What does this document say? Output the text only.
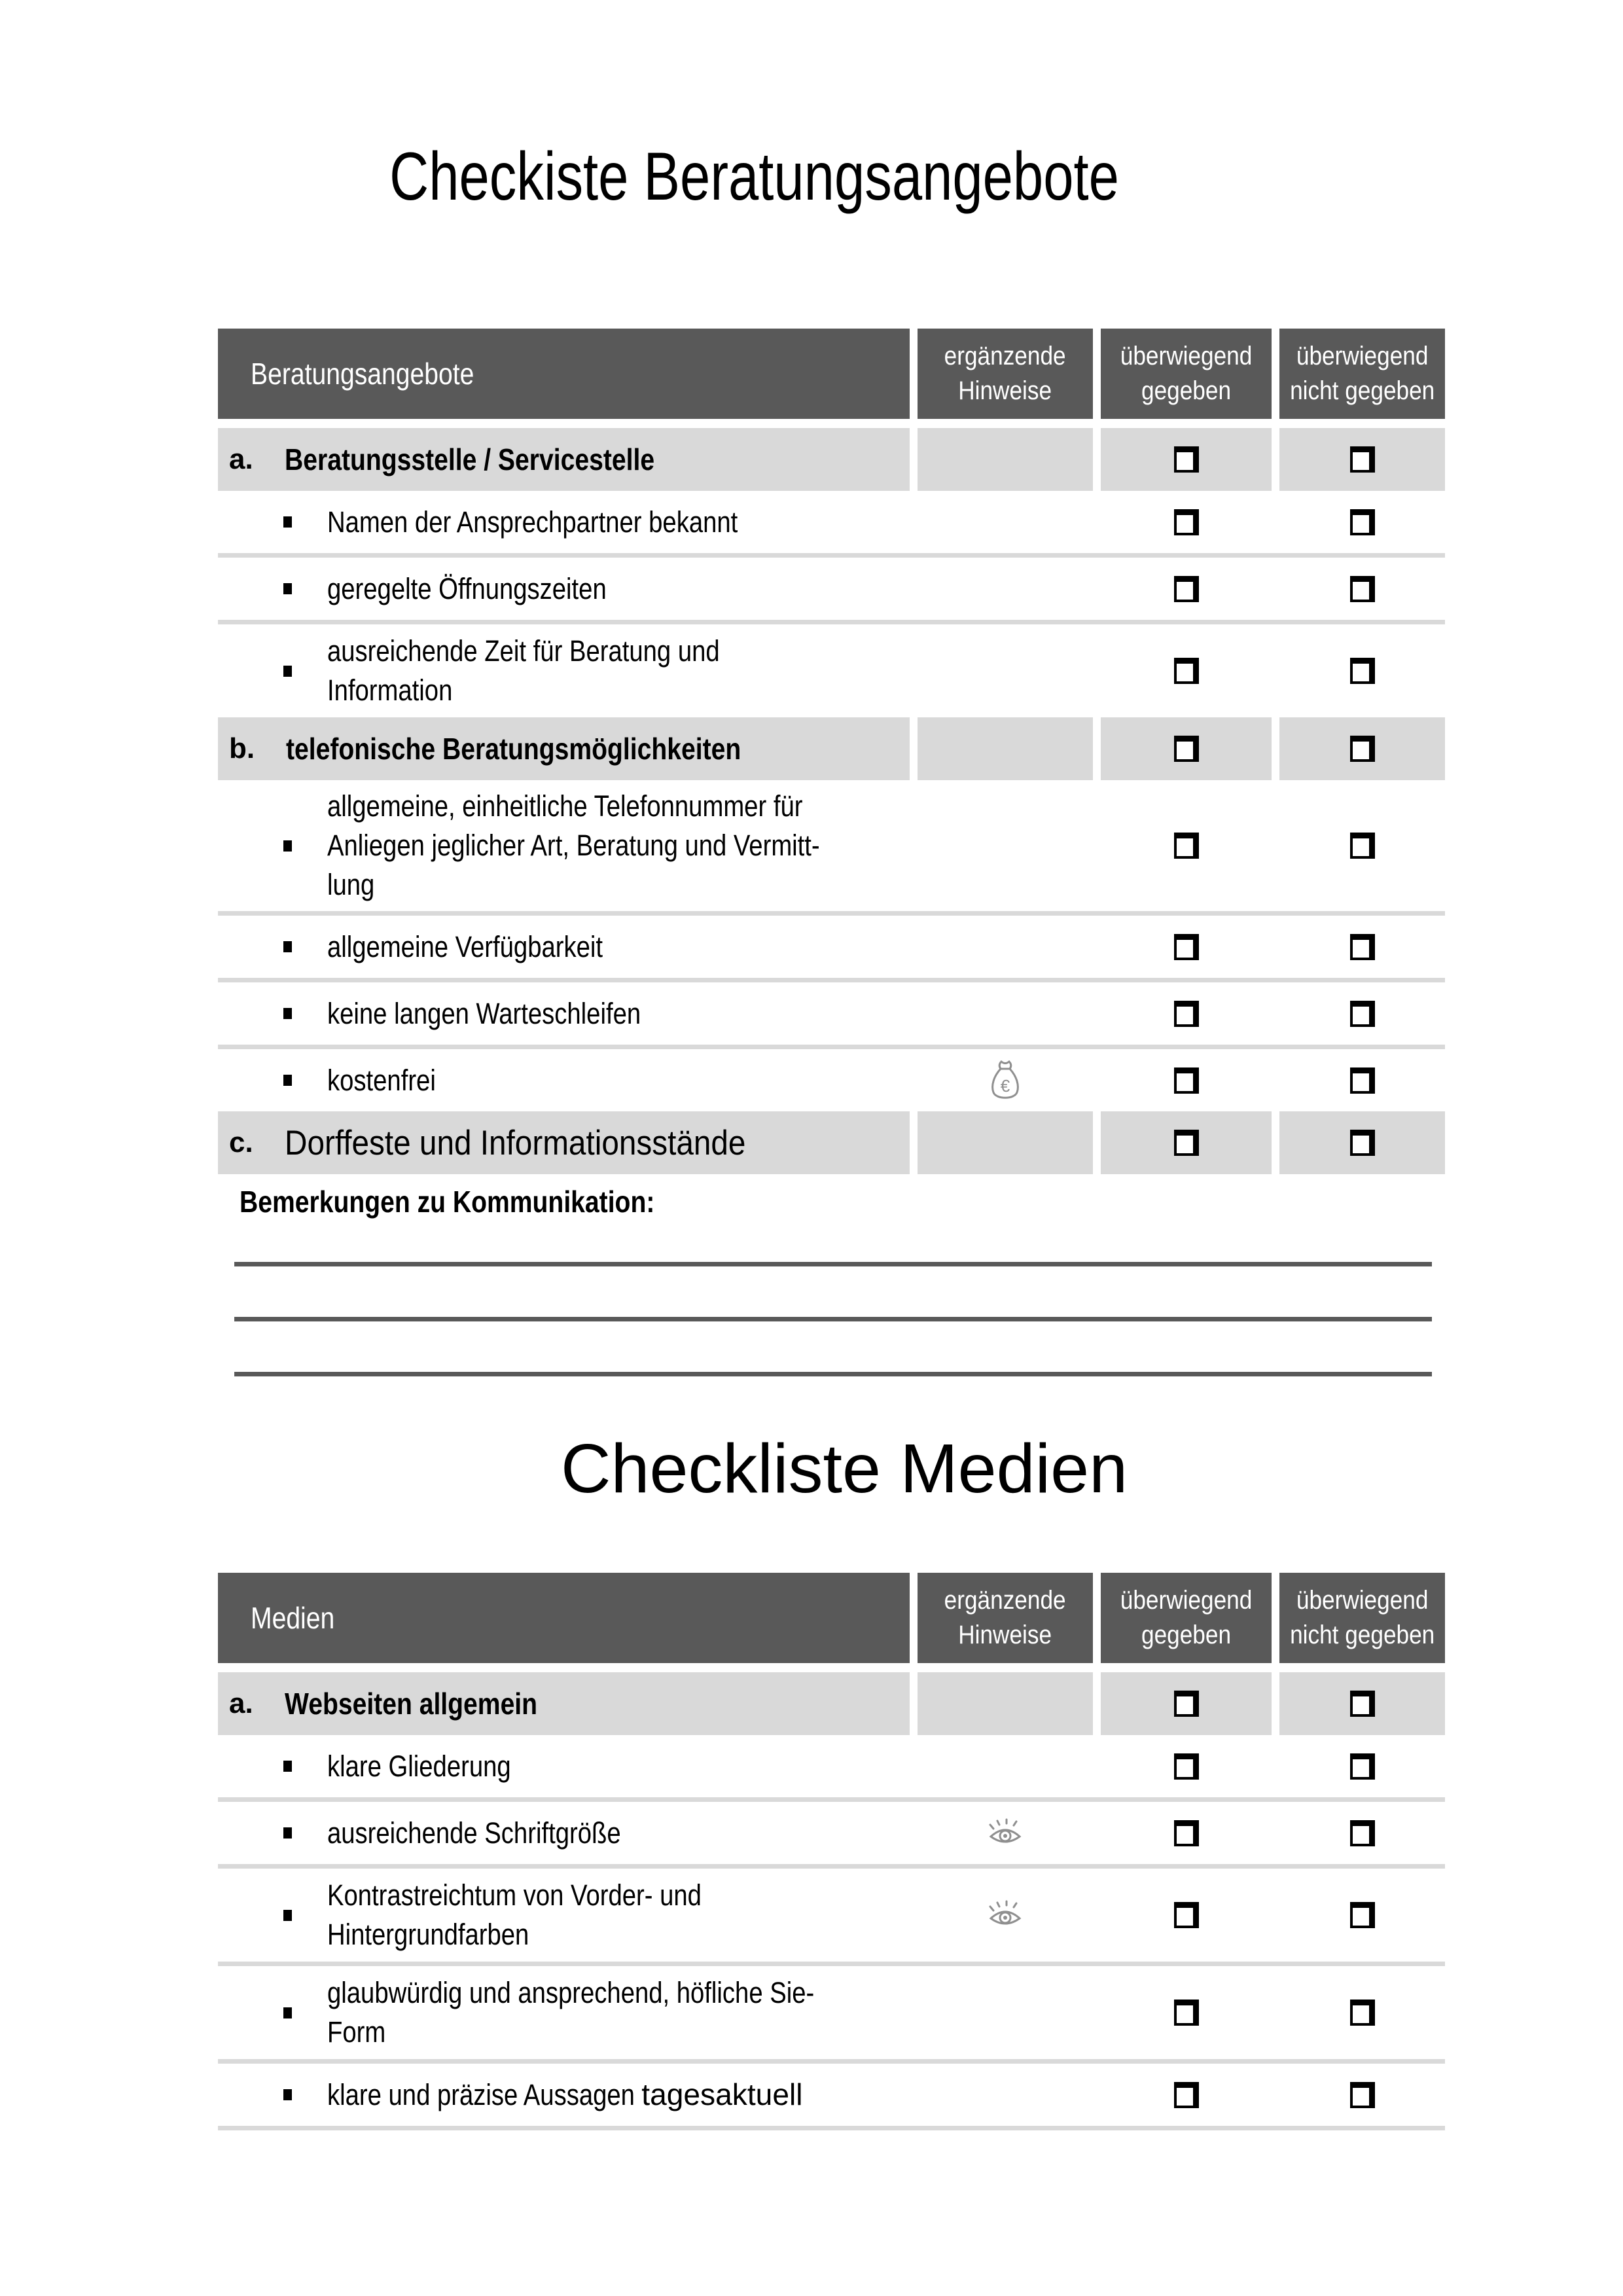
Checkiste Beratungsangebote
Beratungsangebote
ergänzende
Hinweise
überwiegend
gegeben
überwiegend
nicht gegeben
a. Beratungsstelle / Servicestelle
Namen der Ansprechpartner bekannt
geregelte Öffnungszeiten
ausreichende Zeit für Beratung und
Information
b. telefonische Beratungsmöglichkeiten
allgemeine, einheitliche Telefonnummer für
Anliegen jeglicher Art, Beratung und Vermitt-
lung
allgemeine Verfügbarkeit
keine langen Warteschleifen
kostenfrei	€
c. Dorffeste und Informationsstände
Bemerkungen zu Kommunikation:
Checkliste Medien
Medien
ergänzende
Hinweise
überwiegend
gegeben
überwiegend
nicht gegeben
a. Webseiten allgemein
klare Gliederung
ausreichende Schriftgröße
Kontrastreichtum von Vorder- und
Hintergrundfarben
glaubwürdig und ansprechend, höfliche Sie-
Form
klare und präzise Aussagen tagesaktuell
